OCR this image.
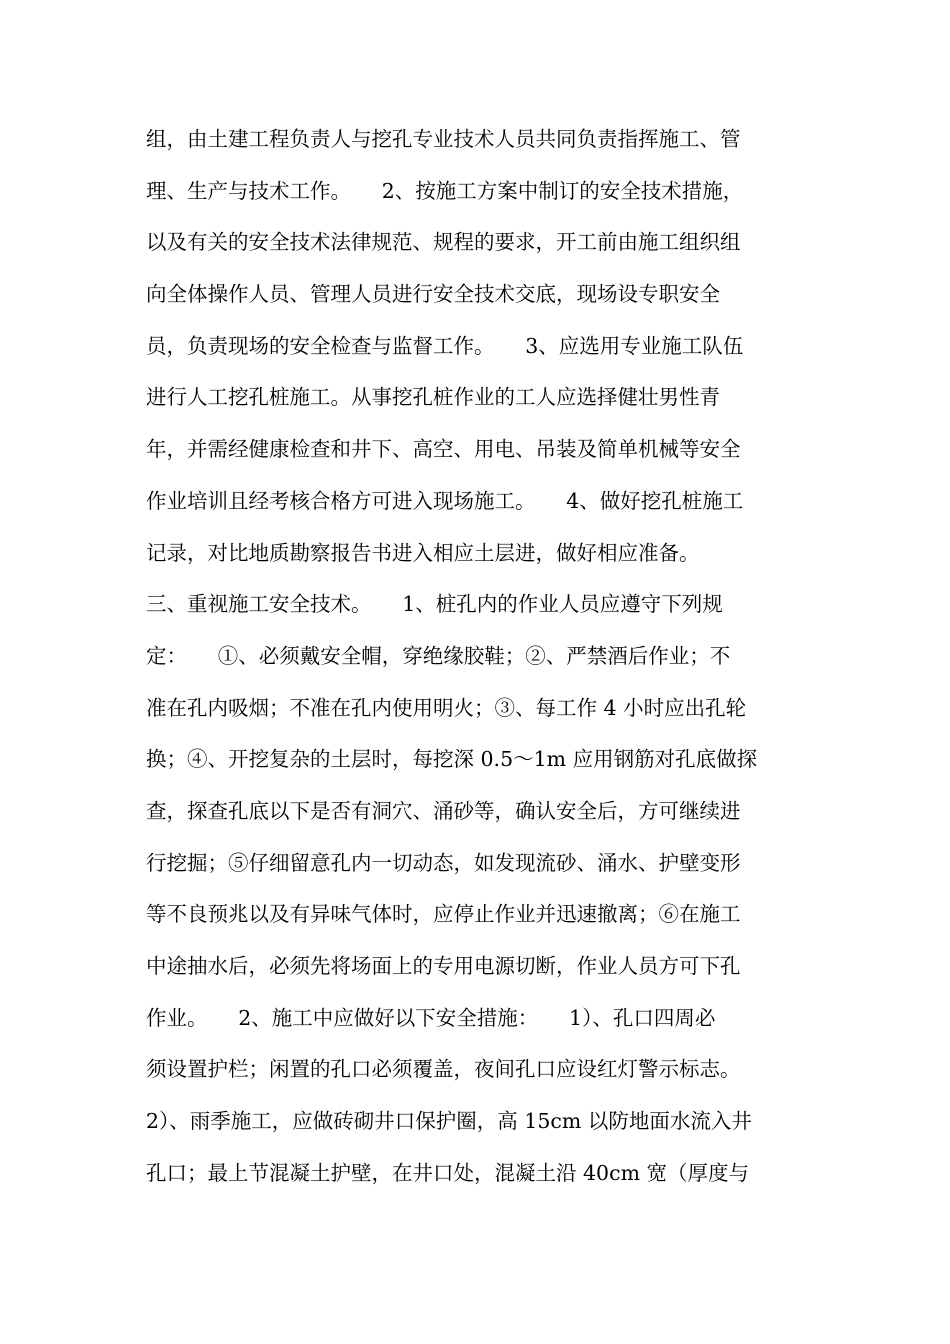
组，由土建工程负责人与挖孔专业技术人员共同负责指挥施工、管
理、生产与技术工作。　　2、按施工方案中制订的安全技术措施，
以及有关的安全技术法律规范、规程的要求，开工前由施工组织组
向全体操作人员、管理人员进行安全技术交底，现场设专职安全
员，负责现场的安全检查与监督工作。　　3、应选用专业施工队伍
进行人工挖孔桩施工。从事挖孔桩作业的工人应选择健壮男性青
年，并需经健康检查和井下、高空、用电、吊装及简单机械等安全
作业培训且经考核合格方可进入现场施工。　　4、做好挖孔桩施工
记录，对比地质勘察报告书进入相应土层进，做好相应准备。
三、重视施工安全技术。　　1、桩孔内的作业人员应遵守下列规
定：　　①、必须戴安全帽，穿绝缘胶鞋；②、严禁酒后作业；不
准在孔内吸烟；不准在孔内使用明火；③、每工作 4 小时应出孔轮
换；④、开挖复杂的土层时，每挖深 0.5～1m 应用钢筋对孔底做探
查，探查孔底以下是否有洞穴、涌砂等，确认安全后，方可继续进
行挖掘；⑤仔细留意孔内一切动态，如发现流砂、涌水、护壁变形
等不良预兆以及有异味气体时，应停止作业并迅速撤离；⑥在施工
中途抽水后，必须先将场面上的专用电源切断，作业人员方可下孔
作业。　　2、施工中应做好以下安全措施：　　1）、孔口四周必
须设置护栏；闲置的孔口必须覆盖，夜间孔口应设红灯警示标志。
2）、雨季施工，应做砖砌井口保护圈，高 15cm 以防地面水流入井
孔口；最上节混凝土护壁，在井口处，混凝土沿 40cm 宽（厚度与
